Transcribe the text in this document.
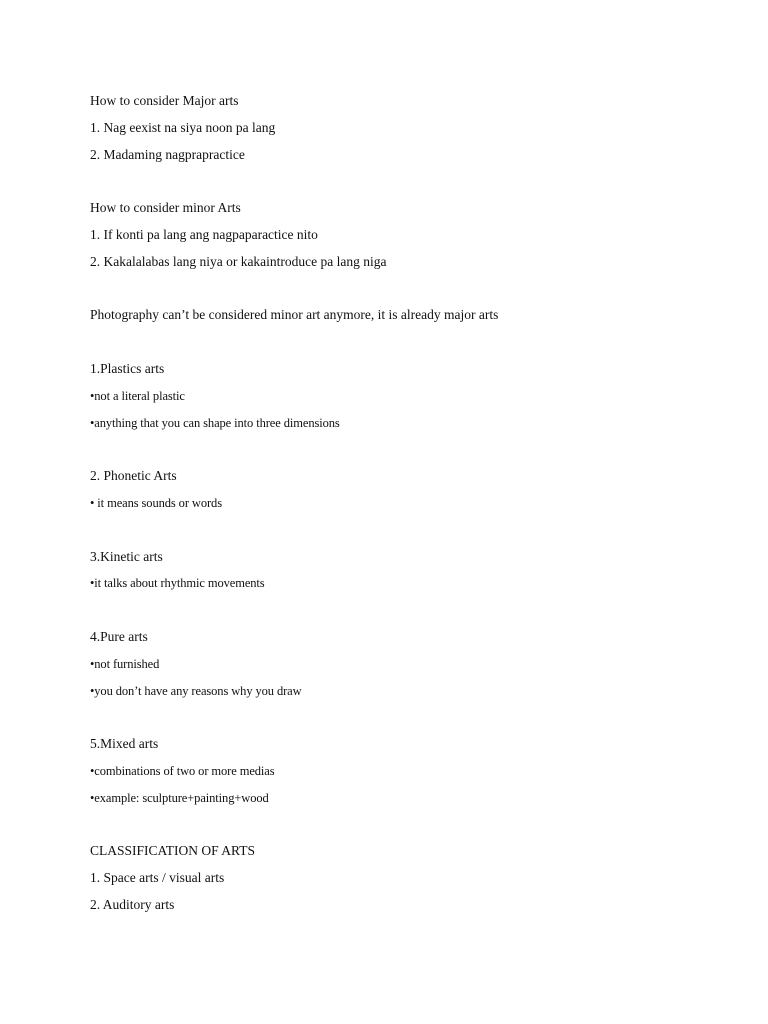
How to consider Major arts
1. Nag eexist na siya noon pa lang
2. Madaming nagprapractice
How to consider minor Arts
1. If konti pa lang ang nagpaparactice nito
2. Kakalalabas lang niya or kakaintroduce pa lang niga
Photography can’t be considered minor art anymore, it is already major arts
1.Plastics arts
•not a literal plastic
•anything that you can shape into three dimensions
2. Phonetic Arts
• it means sounds or words
3.Kinetic arts
•it talks about rhythmic movements
4.Pure arts
•not furnished
•you don’t have any reasons why you draw
5.Mixed arts
•combinations of two or more medias
•example: sculpture+painting+wood
CLASSIFICATION OF ARTS
1. Space arts / visual arts
2. Auditory arts
